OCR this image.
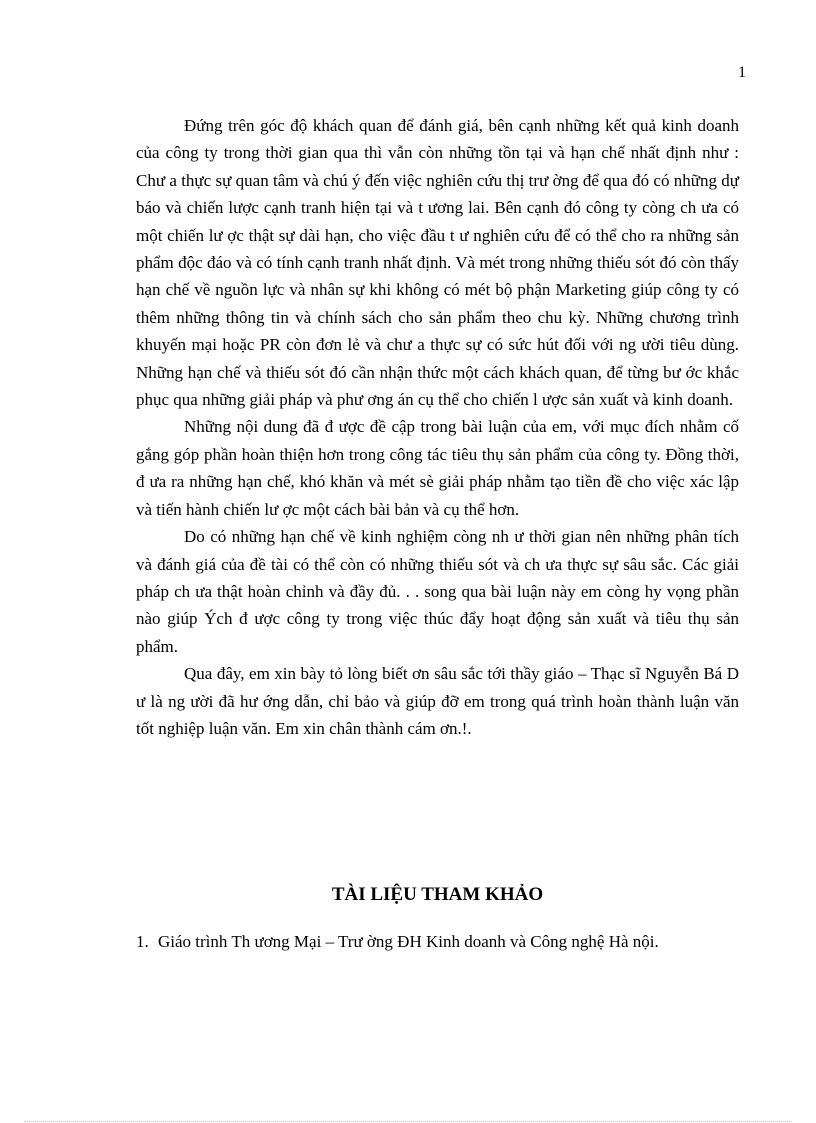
1

Đứng trên góc độ khách quan để đánh giá, bên cạnh những kết quả kinh doanh của công ty trong thời gian qua thì vẫn còn những tồn tại và hạn chế nhất định như : Chư a thực sự quan tâm và chú ý đến việc nghiên cứu thị trư ờng để qua đó có những dự báo và chiến lược cạnh tranh hiện tại và t ương lai. Bên cạnh đó công ty còng ch ưa có một chiến lư ợc thật sự dài hạn, cho việc đầu t ư nghiên cứu để có thể cho ra những sản phẩm độc đáo và có tính cạnh tranh nhất định. Và mét trong những thiếu sót đó còn thấy hạn chế về nguồn lực và nhân sự khi không có mét bộ phận Marketing giúp công ty có thêm những thông tin và chính sách cho sản phẩm theo chu kỳ. Những chương trình khuyến mại hoặc PR còn đơn lẻ và chư a thực sự có sức hút đối với ng ười tiêu dùng. Những hạn chế và thiếu sót đó cần nhận thức một cách khách quan, để từng bư ớc khắc phục qua những giải pháp và phư ơng án cụ thể cho chiến l ược sản xuất và kinh doanh.

Những nội dung đã đ ược đề cập trong bài luận của em, với mục đích nhằm cố gắng góp phần hoàn thiện hơn trong công tác tiêu thụ sản phẩm của công ty. Đồng thời, đ ưa ra những hạn chế, khó khăn và mét sè giải pháp nhằm tạo tiền đề cho việc xác lập và tiến hành chiến lư ợc một cách bài bản và cụ thể hơn.

Do có những hạn chế về kinh nghiệm còng nh ư thời gian nên những phân tích và đánh giá của đề tài có thể còn có những thiếu sót và ch ưa thực sự sâu sắc. Các giải pháp ch ưa thật hoàn chỉnh và đầy đủ. . . song qua bài luận này em còng hy vọng phần nào giúp Ých đ ược công ty trong việc thúc đẩy hoạt động sản xuất và tiêu thụ sản phẩm.

Qua đây, em xin bày tỏ lòng biết ơn sâu sắc tới thầy giáo – Thạc sĩ Nguyễn Bá D ư là ng ười đã hư ớng dẫn, chỉ bảo và giúp đỡ em trong quá trình hoàn thành luận văn tốt nghiệp luận văn. Em xin chân thành cám ơn.!.

TÀI LIỆU THAM KHẢO
1. Giáo trình Th ương Mại – Trư ờng ĐH Kinh doanh và Công nghệ Hà nội.
